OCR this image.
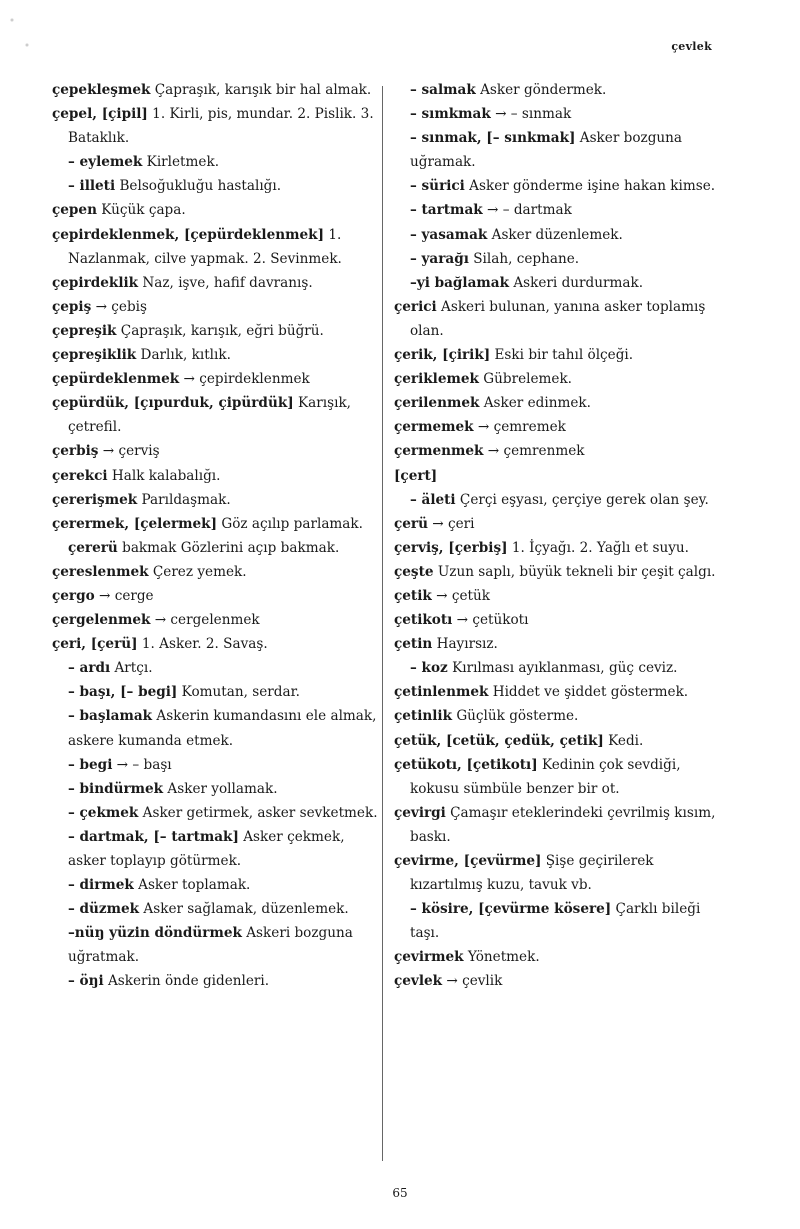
çevlek

çepekleşmek Çapraşık, karışık bir hal almak.

çepel, [çipil] 1. Kirli, pis, mundar. 2. Pislik. 3. Bataklık.

– eylemek Kirletmek.

– illeti Belsoğukluğu hastalığı.

çepen Küçük çapa.

çepirdeklenmek, [çepürdeklenmek] 1. Nazlanmak, cilve yapmak. 2. Sevinmek.

çepirdeklik Naz, işve, hafif davranış.

çepiş → çebiş

çepreşik Çapraşık, karışık, eğri büğrü.

çepreşiklik Darlık, kıtlık.

çepürdeklenmek → çepirdeklenmek

çepürdük, [çıpurduk, çipürdük] Karışık, çetrefil.

çerbiş → çerviş

çerekci Halk kalabalığı.

çererişmek Parıldaşmak.

çerermek, [çelermek] Göz açılıp parlamak.

çererü bakmak Gözlerini açıp bakmak.

çereslenmek Çerez yemek.

çergo → cerge

çergelenmek → cergelenmek

çeri, [çerü] 1. Asker. 2. Savaş.

– ardı Artçı.

– başı, [– begi] Komutan, serdar.

– başlamak Askerin kumandasını ele almak, askere kumanda etmek.

– begi → – başı

– bindürmek Asker yollamak.

– çekmek Asker getirmek, asker sevketmek.

– dartmak, [– tartmak] Asker çekmek, asker toplayıp götürmek.

– dirmek Asker toplamak.

– düzmek Asker sağlamak, düzenlemek.

–nüŋ yüzin döndürmek Askeri bozguna uğratmak.

– öŋi Askerin önde gidenleri.

– salmak Asker göndermek.

– sımkmak → – sınmak

– sınmak, [– sınkmak] Asker bozguna uğramak.

– sürici Asker gönderme işine hakan kimse.

– tartmak → – dartmak

– yasamak Asker düzenlemek.

– yarağı Silah, cephane.

–yi bağlamak Askeri durdurmak.

çerici Askeri bulunan, yanına asker toplamış olan.

çerik, [çirik] Eski bir tahıl ölçeği.

çeriklemek Gübrelemek.

çerilenmek Asker edinmek.

çermemek → çemremek

çermenmek → çemrenmek

[çert]

– äleti Çerçi eşyası, çerçiye gerek olan şey.

çerü → çeri

çerviş, [çerbiş] 1. İçyağı. 2. Yağlı et suyu.

çeşte Uzun saplı, büyük tekneli bir çeşit çalgı.

çetik → çetük

çetikotı → çetükotı

çetin Hayırsız.

– koz Kırılması ayıklanması, güç ceviz.

çetinlenmek Hiddet ve şiddet göstermek.

çetinlik Güçlük gösterme.

çetük, [cetük, çedük, çetik] Kedi.

çetükotı, [çetikotı] Kedinin çok sevdiği, kokusu sümbüle benzer bir ot.

çevirgi Çamaşır eteklerindeki çevrilmiş kısım, baskı.

çevirme, [çevürme] Şişe geçirilerek kızartılmış kuzu, tavuk vb.

– kösire, [çevürme kösere] Çarklı bileği taşı.

çevirmek Yönetmek.

çevlek → çevlik

65
